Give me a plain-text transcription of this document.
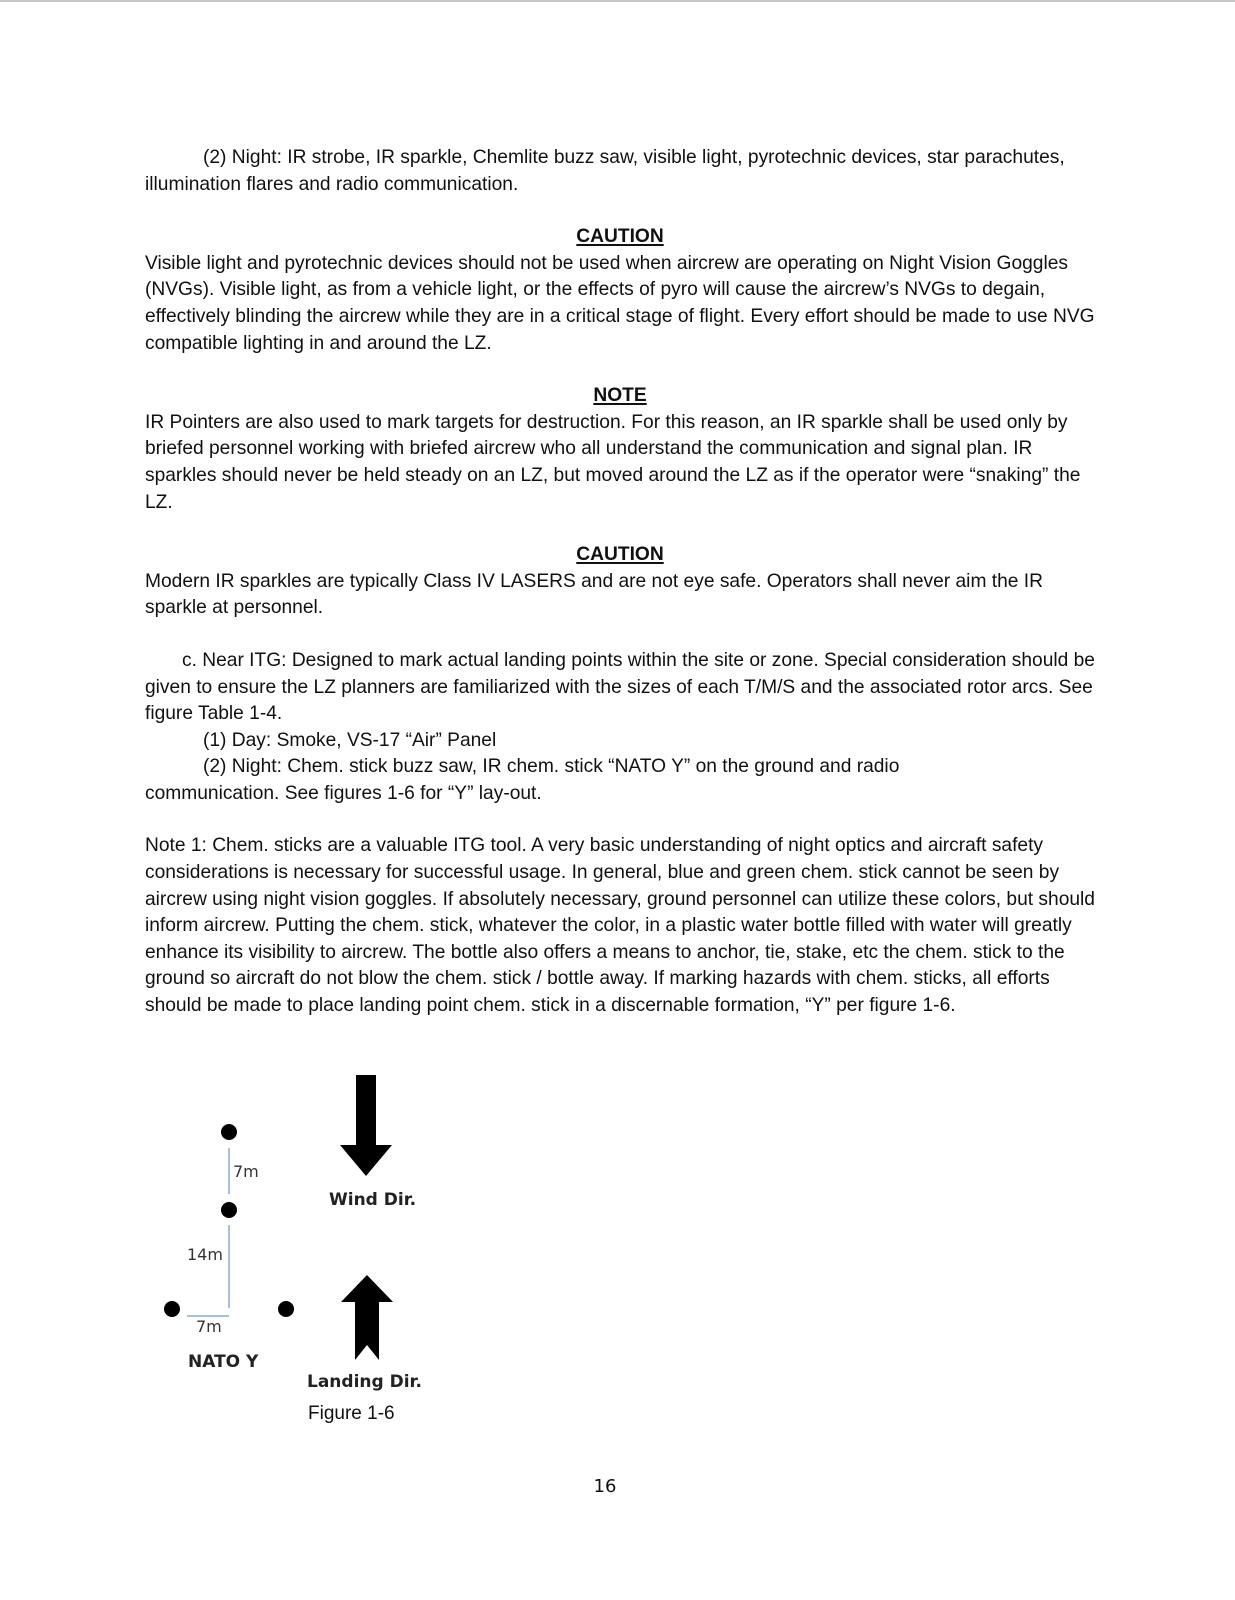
(2) Night: IR strobe, IR sparkle, Chemlite buzz saw, visible light, pyrotechnic devices, star parachutes, illumination flares and radio communication.

CAUTION

Visible light and pyrotechnic devices should not be used when aircrew are operating on Night Vision Goggles (NVGs). Visible light, as from a vehicle light, or the effects of pyro will cause the aircrew’s NVGs to degain, effectively blinding the aircrew while they are in a critical stage of flight. Every effort should be made to use NVG compatible lighting in and around the LZ.

NOTE

IR Pointers are also used to mark targets for destruction. For this reason, an IR sparkle shall be used only by briefed personnel working with briefed aircrew who all understand the communication and signal plan. IR sparkles should never be held steady on an LZ, but moved around the LZ as if the operator were “snaking” the LZ.

CAUTION

Modern IR sparkles are typically Class IV LASERS and are not eye safe. Operators shall never aim the IR sparkle at personnel.

c. Near ITG: Designed to mark actual landing points within the site or zone. Special consideration should be given to ensure the LZ planners are familiarized with the sizes of each T/M/S and the associated rotor arcs. See figure Table 1-4.

(1) Day: Smoke, VS-17 “Air” Panel

(2) Night: Chem. stick buzz saw, IR chem. stick “NATO Y” on the ground and radio

communication. See figures 1-6 for “Y” lay-out.

Note 1: Chem. sticks are a valuable ITG tool. A very basic understanding of night optics and aircraft safety considerations is necessary for successful usage. In general, blue and green chem. stick cannot be seen by aircrew using night vision goggles. If absolutely necessary, ground personnel can utilize these colors, but should inform aircrew. Putting the chem. stick, whatever the color, in a plastic water bottle filled with water will greatly enhance its visibility to aircrew. The bottle also offers a means to anchor, tie, stake, etc the chem. stick to the ground so aircraft do not blow the chem. stick / bottle away. If marking hazards with chem. sticks, all efforts should be made to place landing point chem. stick in a discernable formation, “Y” per figure 1-6.

7m
14m
7m
NATO Y
Wind Dir.
Landing Dir.
Figure 1-6
16
